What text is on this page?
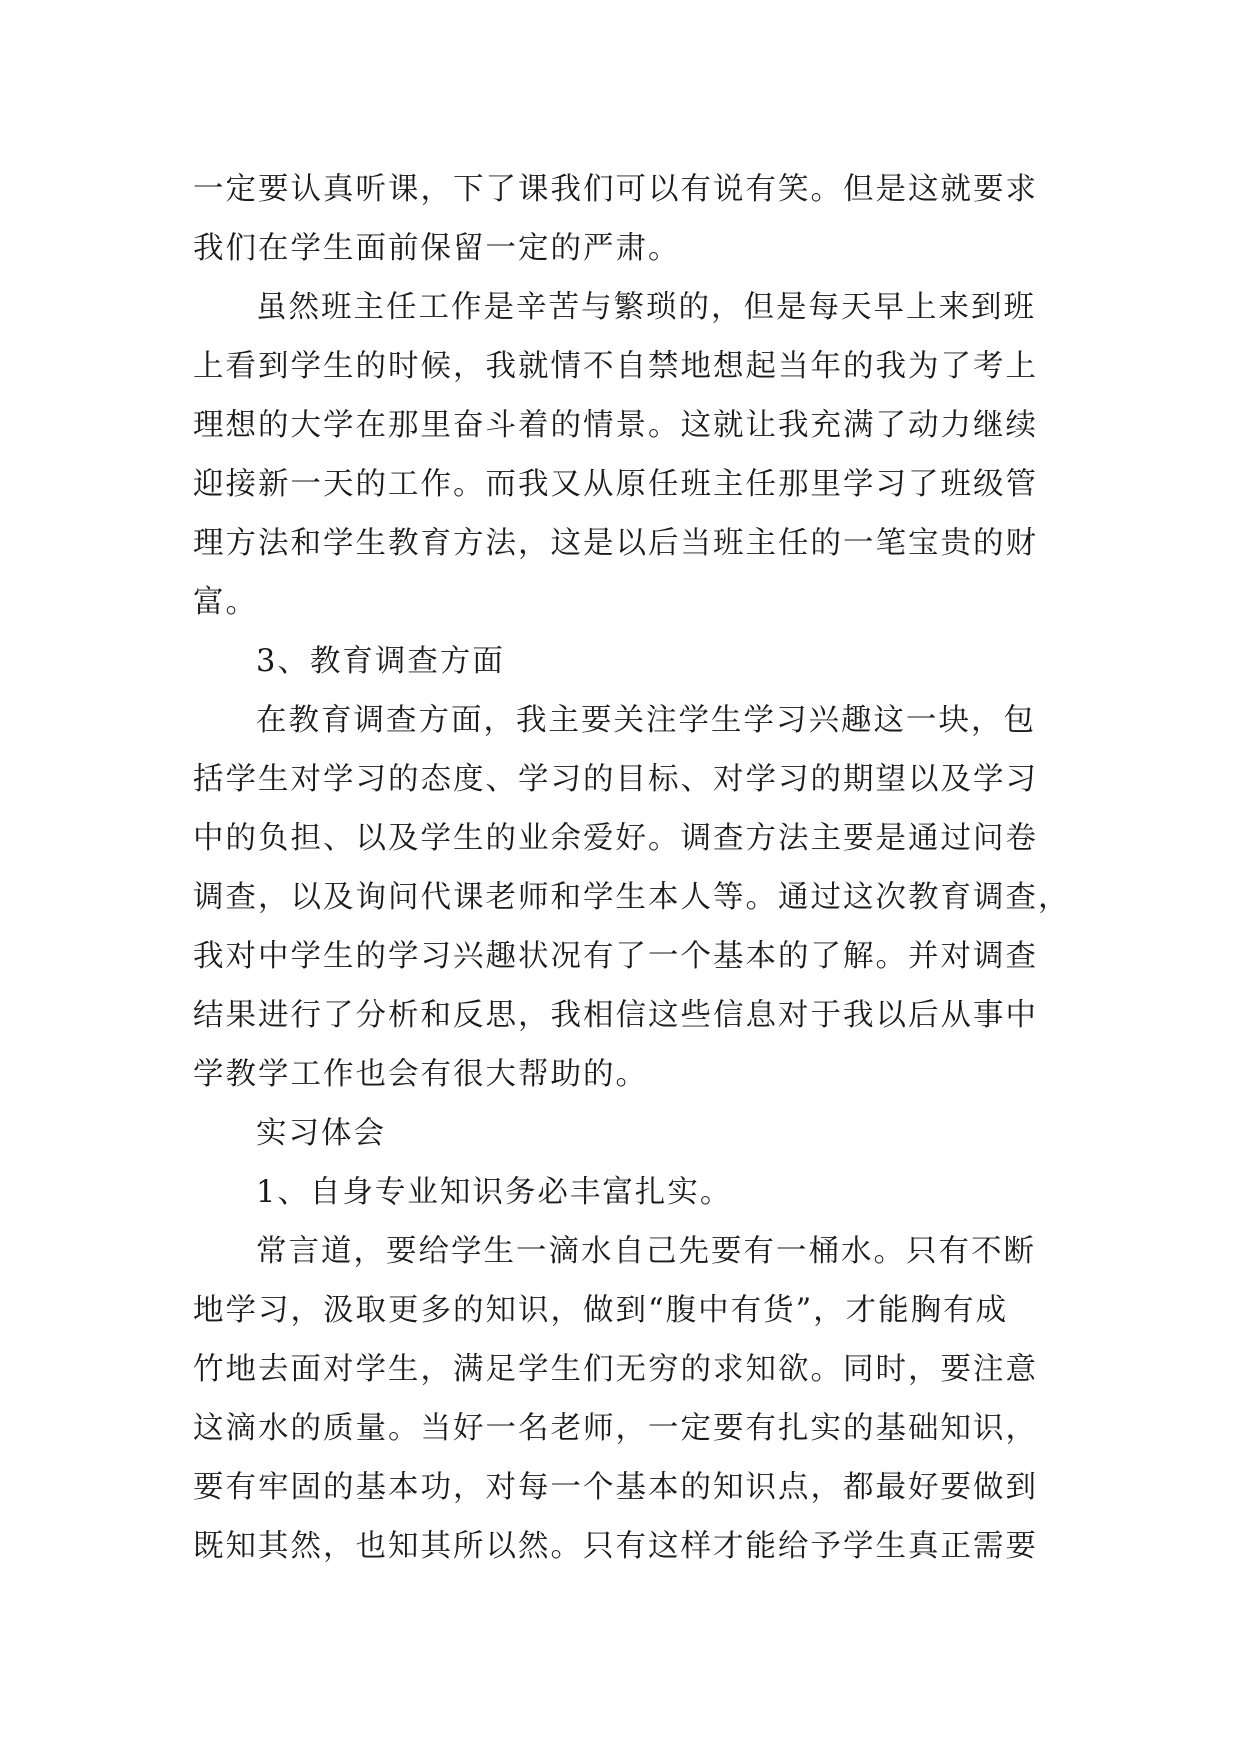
一定要认真听课，下了课我们可以有说有笑。但是这就要求
我们在学生面前保留一定的严肃。
虽然班主任工作是辛苦与繁琐的，但是每天早上来到班
上看到学生的时候，我就情不自禁地想起当年的我为了考上
理想的大学在那里奋斗着的情景。这就让我充满了动力继续
迎接新一天的工作。而我又从原任班主任那里学习了班级管
理方法和学生教育方法，这是以后当班主任的一笔宝贵的财
富。
3、教育调查方面
在教育调查方面，我主要关注学生学习兴趣这一块，包
括学生对学习的态度、学习的目标、对学习的期望以及学习
中的负担、以及学生的业余爱好。调查方法主要是通过问卷
调查，以及询问代课老师和学生本人等。通过这次教育调查，
我对中学生的学习兴趣状况有了一个基本的了解。并对调查
结果进行了分析和反思，我相信这些信息对于我以后从事中
学教学工作也会有很大帮助的。
实习体会
1、自身专业知识务必丰富扎实。
常言道，要给学生一滴水自己先要有一桶水。只有不断
地学习，汲取更多的知识，做到“腹中有货”，才能胸有成
竹地去面对学生，满足学生们无穷的求知欲。同时，要注意
这滴水的质量。当好一名老师，一定要有扎实的基础知识，
要有牢固的基本功，对每一个基本的知识点，都最好要做到
既知其然，也知其所以然。只有这样才能给予学生真正需要
